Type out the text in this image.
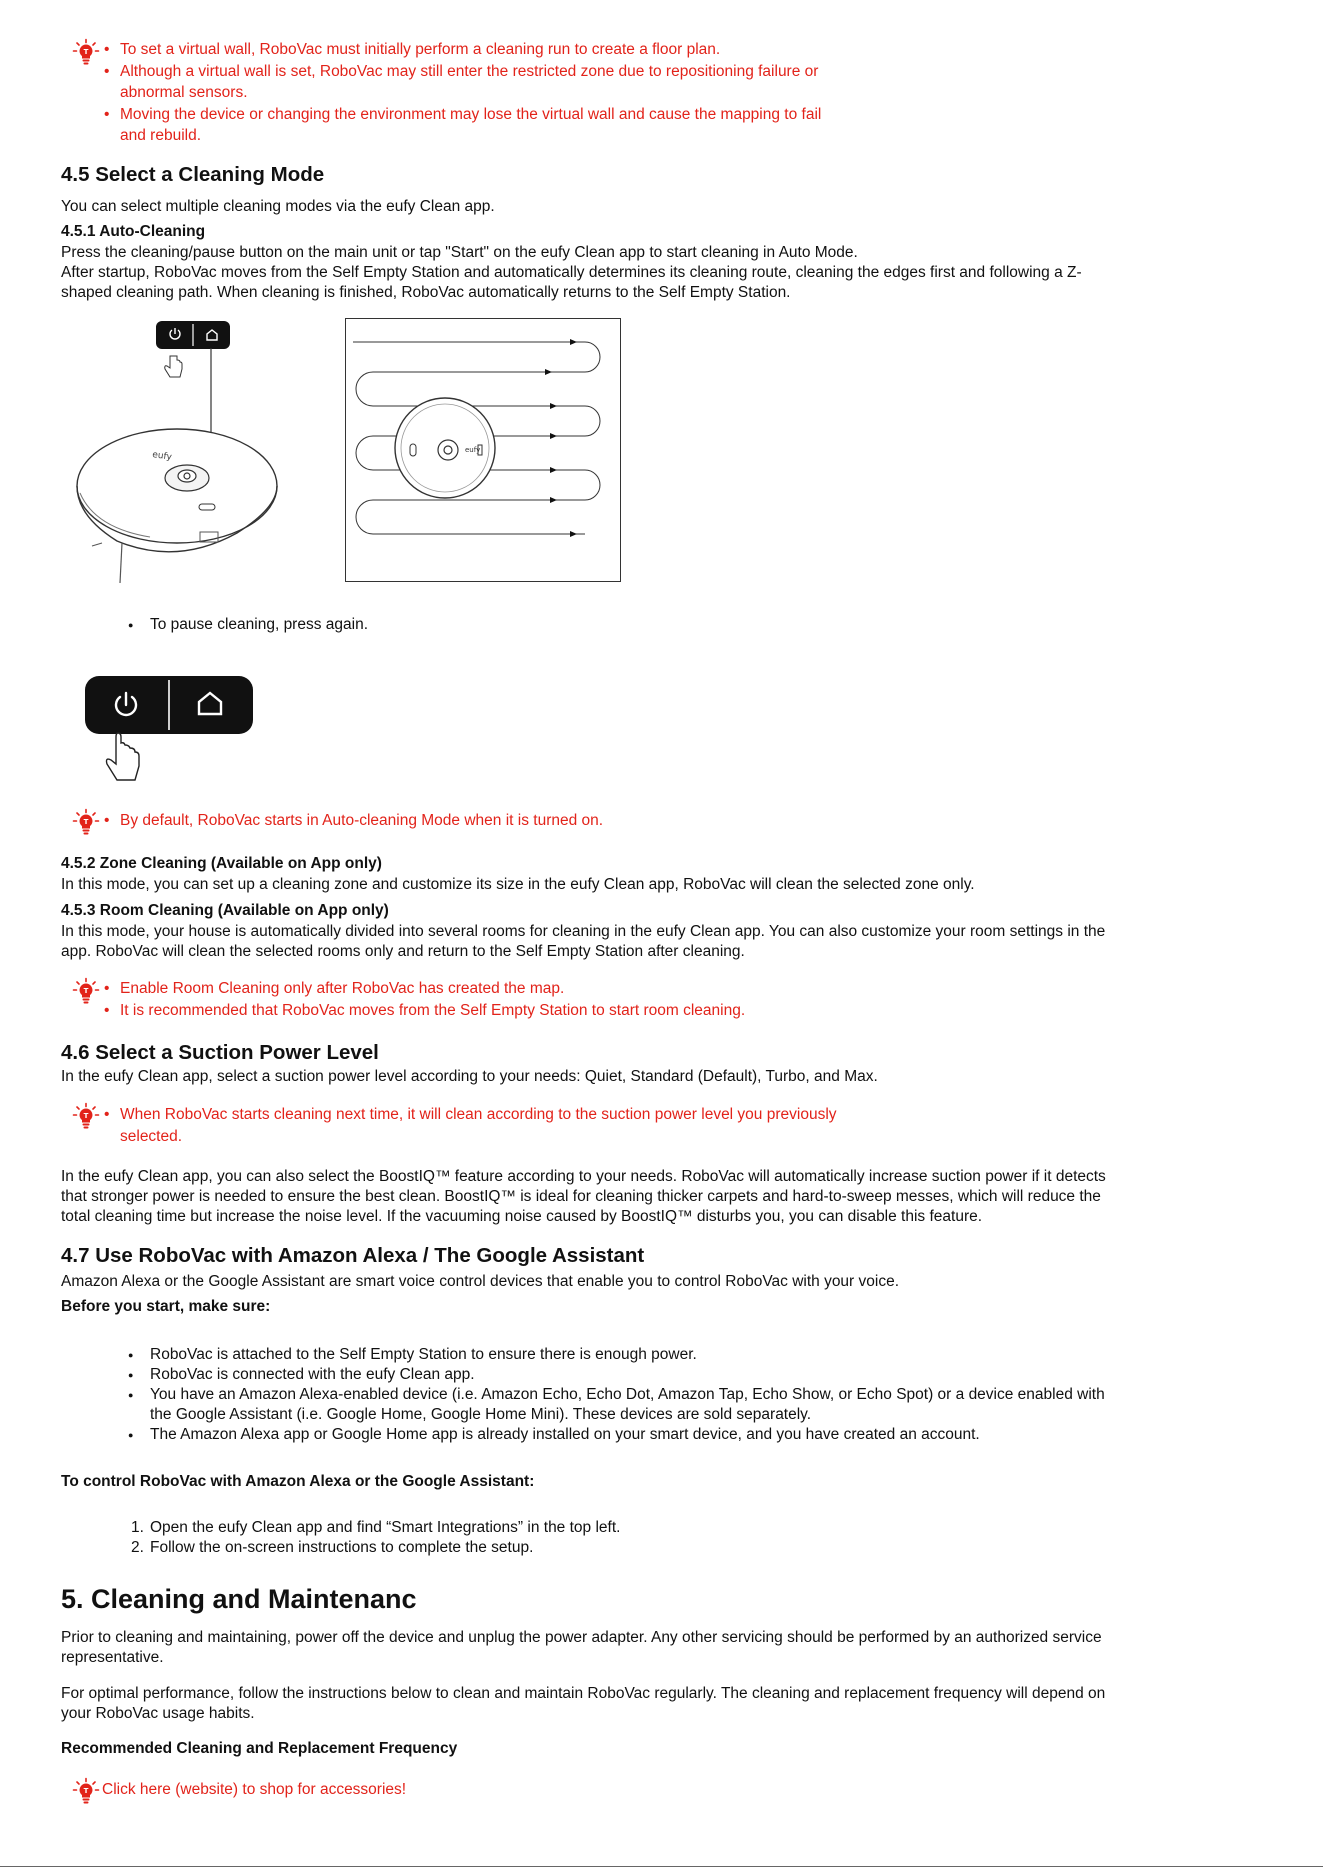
• To set a virtual wall, RoboVac must initially perform a cleaning run to create a floor plan.
• Although a virtual wall is set, RoboVac may still enter the restricted zone due to repositioning failure or
abnormal sensors.
• Moving the device or changing the environment may lose the virtual wall and cause the mapping to fail
and rebuild.
4.5 Select a Cleaning Mode
You can select multiple cleaning modes via the eufy Clean app.
4.5.1 Auto-Cleaning
Press the cleaning/pause button on the main unit or tap "Start" on the eufy Clean app to start cleaning in Auto Mode.
After startup, RoboVac moves from the Self Empty Station and automatically determines its cleaning route, cleaning the edges first and following a Z-
shaped cleaning path. When cleaning is finished, RoboVac automatically returns to the Self Empty Station.
eufy
eufy
● To pause cleaning, press again.
• By default, RoboVac starts in Auto-cleaning Mode when it is turned on.
4.5.2 Zone Cleaning (Available on App only)
In this mode, you can set up a cleaning zone and customize its size in the eufy Clean app, RoboVac will clean the selected zone only.
4.5.3 Room Cleaning (Available on App only)
In this mode, your house is automatically divided into several rooms for cleaning in the eufy Clean app. You can also customize your room settings in the
app. RoboVac will clean the selected rooms only and return to the Self Empty Station after cleaning.
• Enable Room Cleaning only after RoboVac has created the map.
• It is recommended that RoboVac moves from the Self Empty Station to start room cleaning.
4.6 Select a Suction Power Level
In the eufy Clean app, select a suction power level according to your needs: Quiet, Standard (Default), Turbo, and Max.
• When RoboVac starts cleaning next time, it will clean according to the suction power level you previously
selected.
In the eufy Clean app, you can also select the BoostIQ™ feature according to your needs. RoboVac will automatically increase suction power if it detects
that stronger power is needed to ensure the best clean. BoostIQ™ is ideal for cleaning thicker carpets and hard-to-sweep messes, which will reduce the
total cleaning time but increase the noise level. If the vacuuming noise caused by BoostIQ™ disturbs you, you can disable this feature.
4.7 Use RoboVac with Amazon Alexa / The Google Assistant
Amazon Alexa or the Google Assistant are smart voice control devices that enable you to control RoboVac with your voice.
Before you start, make sure:
● RoboVac is attached to the Self Empty Station to ensure there is enough power.
● RoboVac is connected with the eufy Clean app.
● You have an Amazon Alexa-enabled device (i.e. Amazon Echo, Echo Dot, Amazon Tap, Echo Show, or Echo Spot) or a device enabled with
the Google Assistant (i.e. Google Home, Google Home Mini). These devices are sold separately.
● The Amazon Alexa app or Google Home app is already installed on your smart device, and you have created an account.
To control RoboVac with Amazon Alexa or the Google Assistant:
1. Open the eufy Clean app and find “Smart Integrations” in the top left.
2. Follow the on-screen instructions to complete the setup.
5. Cleaning and Maintenanc
Prior to cleaning and maintaining, power off the device and unplug the power adapter. Any other servicing should be performed by an authorized service
representative.
For optimal performance, follow the instructions below to clean and maintain RoboVac regularly. The cleaning and replacement frequency will depend on
your RoboVac usage habits.
Recommended Cleaning and Replacement Frequency
Click here (website) to shop for accessories!
